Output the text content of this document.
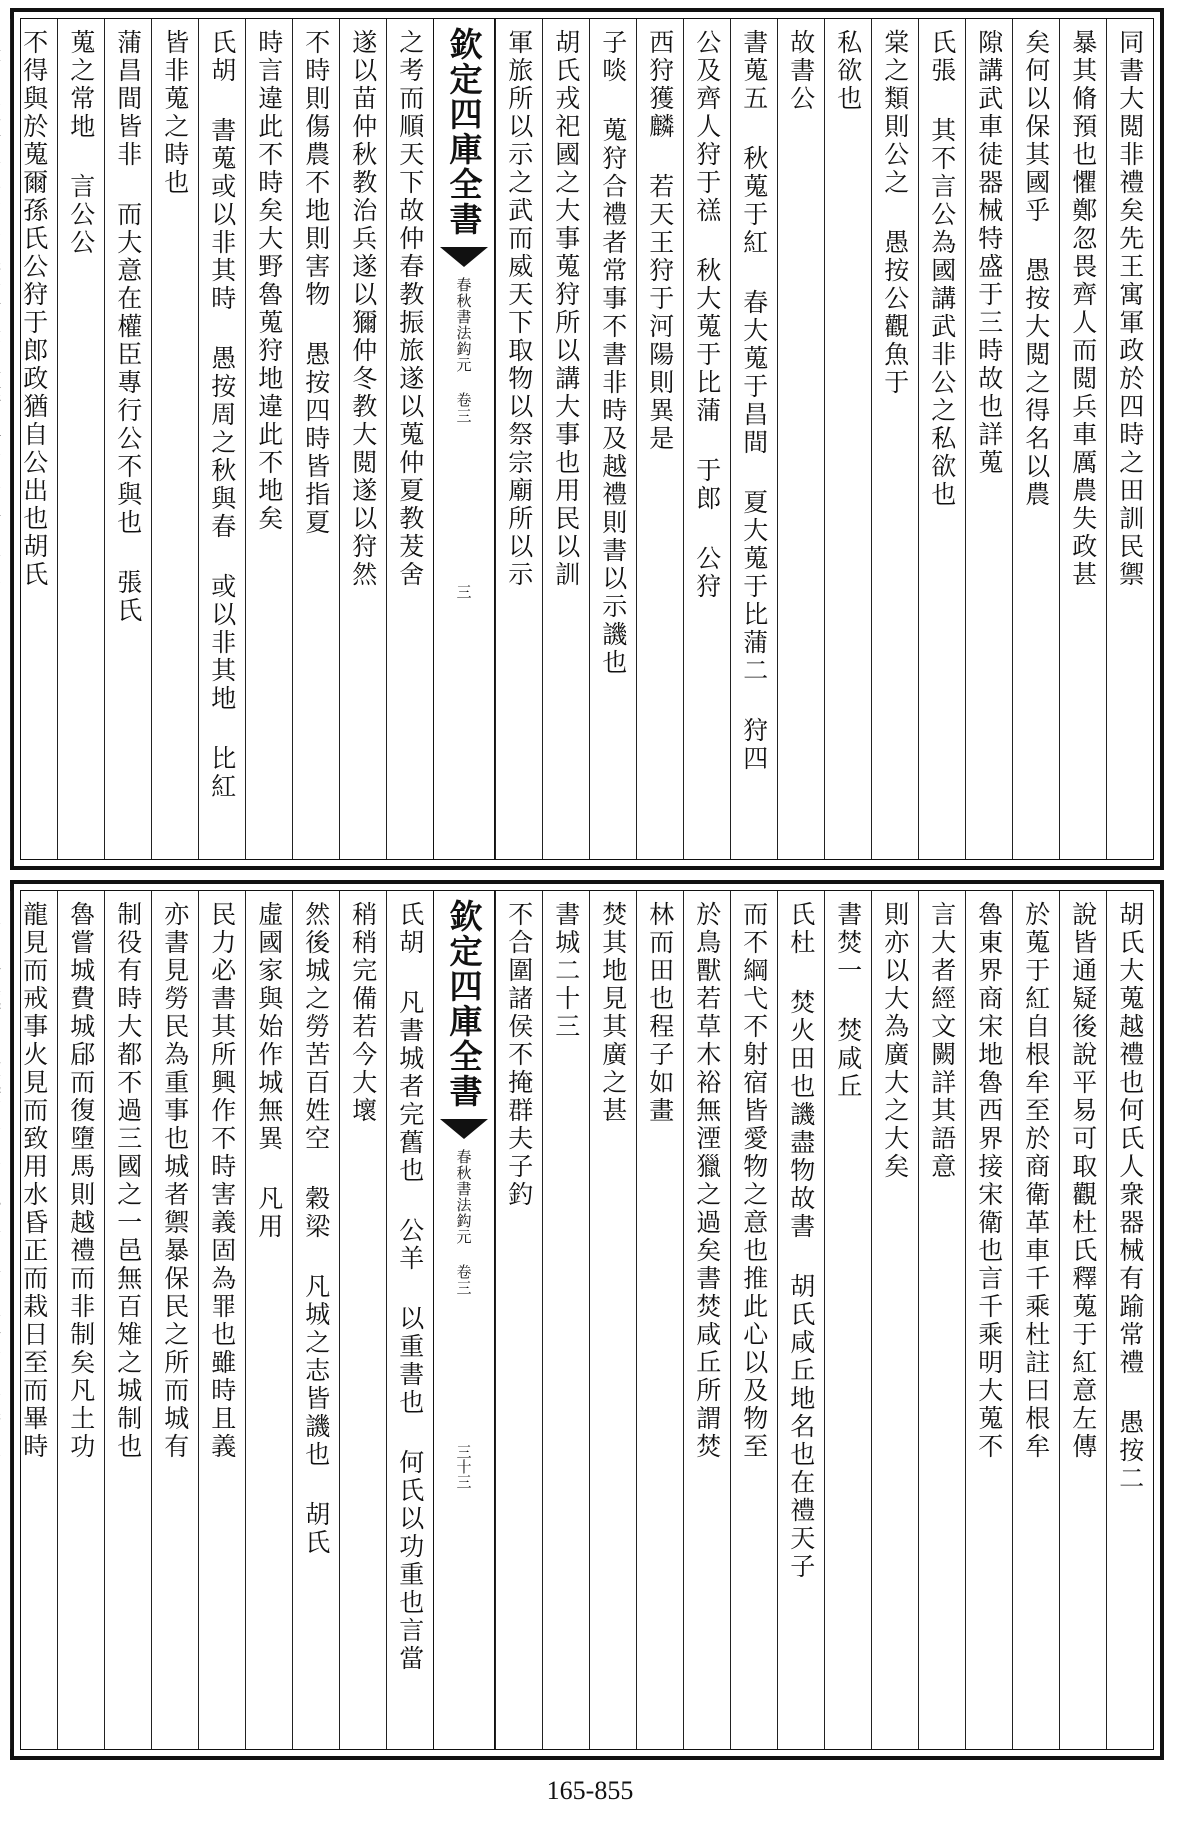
同書大閲非禮矣先王寓軍政於四時之田訓民禦
暴其脩預也懼鄭忽畏齊人而閲兵車厲農失政甚
矣何以保其國乎 愚按大閲之得名以農
隙講武車徒器械特盛于三時故也詳蒐
氏張 其不言公為國講武非公之私欲也
棠之類則公之 愚按公觀魚于
私欲也
故書公
書蒐五 秋蒐于紅 春大蒐于昌間 夏大蒐于比蒲二 狩四
公及齊人狩于禚 秋大蒐于比蒲 于郎 公狩
西狩獲麟 若天王狩于河陽則異是
子啖 蒐狩合禮者常事不書非時及越禮則書以示譏也
胡氏戎祀國之大事蒐狩所以講大事也用民以訓
軍旅所以示之武而威天下取物以祭宗廟所以示
欽定四庫全書
春秋書法鈎元 卷三
三
之考而順天下故仲春教振旅遂以蒐仲夏教茇舍
遂以苗仲秋教治兵遂以獮仲冬教大閲遂以狩然
不時則傷農不地則害物 愚按四時皆指夏
時言違此不時矣大野魯蒐狩地違此不地矣
氏胡 書蒐或以非其時 愚按周之秋與春 或以非其地 比紅
皆非蒐之時也
蒲昌間皆非 而大意在權臣專行公不與也 張氏
蒐之常地 言公公
不得與於蒐爾孫氏公狩于郎政猶自公出也胡氏
胡氏大蒐越禮也何氏人衆器械有踰常禮 愚按二
說皆通疑後說平易可取觀杜氏釋蒐于紅意左傳
於蒐于紅自根牟至於商衛革車千乘杜註曰根牟
魯東界商宋地魯西界接宋衛也言千乘明大蒐不
言大者經文闕詳其語意
則亦以大為廣大之大矣
書焚一 焚咸丘
氏杜 焚火田也譏盡物故書 胡氏咸丘地名也在禮天子
而不綱弋不射宿皆愛物之意也推此心以及物至
於鳥獸若草木裕無湮獵之過矣書焚咸丘所謂焚
林而田也程子如畫
焚其地見其廣之甚
書城二十三
不合圍諸侯不掩群夫子釣
欽定四庫全書
春秋書法鈎元 卷三
三十三
氏胡 凡書城者完舊也 公羊 以重書也 何氏以功重也言當
稍稍完備若今大壞
然後城之勞苦百姓空 穀梁 凡城之志皆譏也 胡氏
虛國家與始作城無異 凡用
民力必書其所興作不時害義固為罪也雖時且義
亦書見勞民為重事也城者禦暴保民之所而城有
制役有時大都不過三國之一邑無百雉之城制也
魯嘗城費城郈而復墮馬則越禮而非制矣凡土功
龍見而戒事火見而致用水昏正而栽日至而畢時
165-855
